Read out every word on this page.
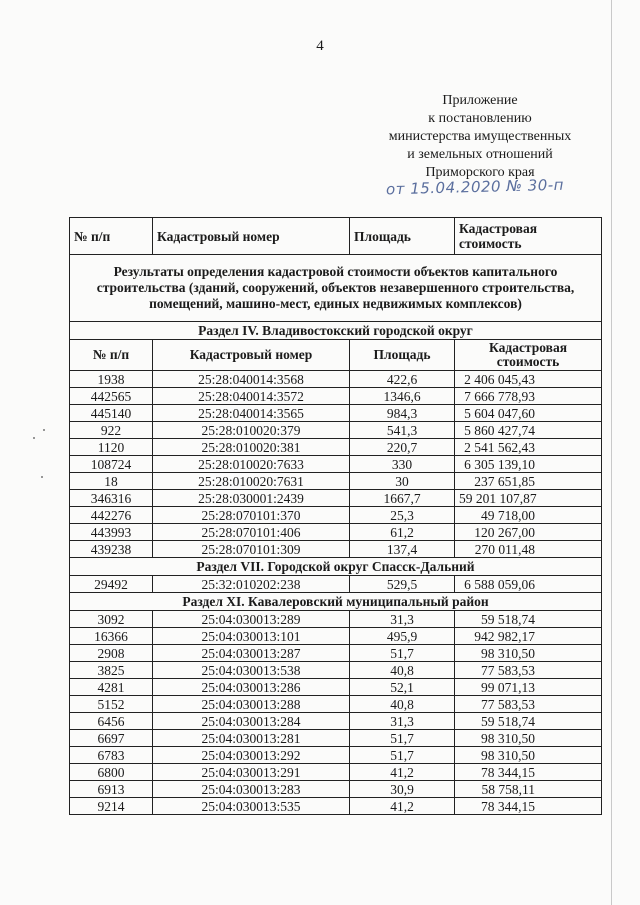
4
Приложение
к постановлению
министерства имущественных
и земельных отношений
Приморского края
от 15.04.2020 № 30-п
№ п/п	Кадастровый номер	Площадь	Кадастровая стоимость
Результаты определения кадастровой стоимости объектов капитального строительства (зданий, сооружений, объектов незавершенного строительства, помещений, машино-мест, единых недвижимых комплексов)			
Раздел IV. Владивостокский городской округ			
№ п/п	Кадастровый номер	Площадь	Кадастровая стоимость
1938	25:28:040014:3568	422,6	2 406 045,43
442565	25:28:040014:3572	1346,6	7 666 778,93
445140	25:28:040014:3565	984,3	5 604 047,60
922	25:28:010020:379	541,3	5 860 427,74
1120	25:28:010020:381	220,7	2 541 562,43
108724	25:28:010020:7633	330	6 305 139,10
18	25:28:010020:7631	30	237 651,85
346316	25:28:030001:2439	1667,7	59 201 107,87
442276	25:28:070101:370	25,3	49 718,00
443993	25:28:070101:406	61,2	120 267,00
439238	25:28:070101:309	137,4	270 011,48
Раздел VII. Городской округ Спасск-Дальний			
29492	25:32:010202:238	529,5	6 588 059,06
Раздел XI. Кавалеровский муниципальный район			
3092	25:04:030013:289	31,3	59 518,74
16366	25:04:030013:101	495,9	942 982,17
2908	25:04:030013:287	51,7	98 310,50
3825	25:04:030013:538	40,8	77 583,53
4281	25:04:030013:286	52,1	99 071,13
5152	25:04:030013:288	40,8	77 583,53
6456	25:04:030013:284	31,3	59 518,74
6697	25:04:030013:281	51,7	98 310,50
6783	25:04:030013:292	51,7	98 310,50
6800	25:04:030013:291	41,2	78 344,15
6913	25:04:030013:283	30,9	58 758,11
9214	25:04:030013:535	41,2	78 344,15
